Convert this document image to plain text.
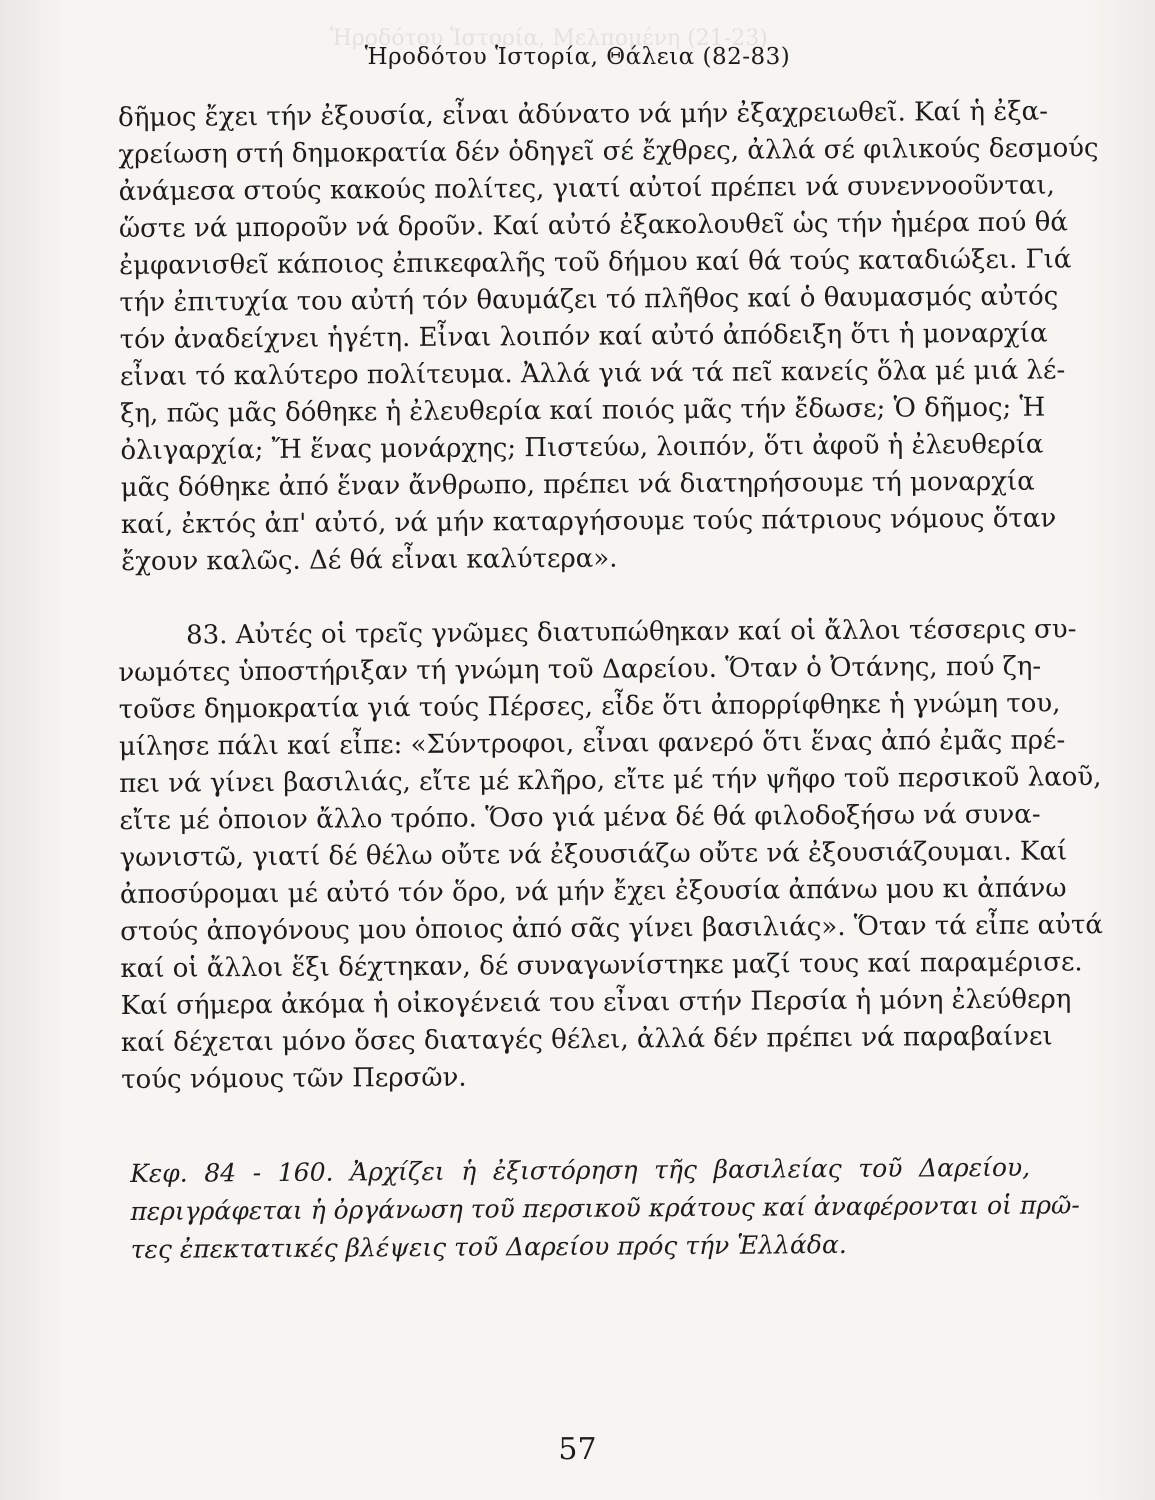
Ἡροδότου Ἱστορία, Μελπομένη (21-23)
Ἡροδότου Ἱστορία, Θάλεια (82-83)
δῆμος ἔχει τήν ἐξουσία, εἶναι ἀδύνατο νά μήν ἐξαχρειωθεῖ. Καί ἡ ἐξα-
χρείωση στή δημοκρατία δέν ὁδηγεῖ σέ ἔχθρες, ἀλλά σέ φιλικούς δεσμούς
ἀνάμεσα στούς κακούς πολίτες, γιατί αὐτοί πρέπει νά συνεννοοῦνται,
ὥστε νά μποροῦν νά δροῦν. Καί αὐτό ἐξακολουθεῖ ὡς τήν ἡμέρα πού θά
ἐμφανισθεῖ κάποιος ἐπικεφαλῆς τοῦ δήμου καί θά τούς καταδιώξει. Γιά
τήν ἐπιτυχία του αὐτή τόν θαυμάζει τό πλῆθος καί ὁ θαυμασμός αὐτός
τόν ἀναδείχνει ἡγέτη. Εἶναι λοιπόν καί αὐτό ἀπόδειξη ὅτι ἡ μοναρχία
εἶναι τό καλύτερο πολίτευμα. Ἀλλά γιά νά τά πεῖ κανείς ὅλα μέ μιά λέ-
ξη, πῶς μᾶς δόθηκε ἡ ἐλευθερία καί ποιός μᾶς τήν ἔδωσε; Ὁ δῆμος; Ἡ
ὀλιγαρχία; Ἤ ἕνας μονάρχης; Πιστεύω, λοιπόν, ὅτι ἀφοῦ ἡ ἐλευθερία
μᾶς δόθηκε ἀπό ἕναν ἄνθρωπο, πρέπει νά διατηρήσουμε τή μοναρχία
καί, ἐκτός ἀπ' αὐτό, νά μήν καταργήσουμε τούς πάτριους νόμους ὅταν
ἔχουν καλῶς. Δέ θά εἶναι καλύτερα».
83. Αὐτές οἱ τρεῖς γνῶμες διατυπώθηκαν καί οἱ ἄλλοι τέσσερις συ-
νωμότες ὑποστήριξαν τή γνώμη τοῦ Δαρείου. Ὅταν ὁ Ὀτάνης, πού ζη-
τοῦσε δημοκρατία γιά τούς Πέρσες, εἶδε ὅτι ἀπορρίφθηκε ἡ γνώμη του,
μίλησε πάλι καί εἶπε: «Σύντροφοι, εἶναι φανερό ὅτι ἕνας ἀπό ἐμᾶς πρέ-
πει νά γίνει βασιλιάς, εἴτε μέ κλῆρο, εἴτε μέ τήν ψῆφο τοῦ περσικοῦ λαοῦ,
εἴτε μέ ὁποιον ἄλλο τρόπο. Ὅσο γιά μένα δέ θά φιλοδοξήσω νά συνα-
γωνιστῶ, γιατί δέ θέλω οὔτε νά ἐξουσιάζω οὔτε νά ἐξουσιάζουμαι. Καί
ἀποσύρομαι μέ αὐτό τόν ὅρο, νά μήν ἔχει ἐξουσία ἀπάνω μου κι ἀπάνω
στούς ἀπογόνους μου ὁποιος ἀπό σᾶς γίνει βασιλιάς». Ὅταν τά εἶπε αὐτά
καί οἱ ἄλλοι ἕξι δέχτηκαν, δέ συναγωνίστηκε μαζί τους καί παραμέρισε.
Καί σήμερα ἀκόμα ἡ οἰκογένειά του εἶναι στήν Περσία ἡ μόνη ἐλεύθερη
καί δέχεται μόνο ὅσες διαταγές θέλει, ἀλλά δέν πρέπει νά παραβαίνει
τούς νόμους τῶν Περσῶν.
Κεφ. 84 - 160. Ἀρχίζει ἡ ἐξιστόρηση τῆς βασιλείας τοῦ Δαρείου,
περιγράφεται ἡ ὀργάνωση τοῦ περσικοῦ κράτους καί ἀναφέρονται οἱ πρῶ-
τες ἐπεκτατικές βλέψεις τοῦ Δαρείου πρός τήν Ἑλλάδα.
57
